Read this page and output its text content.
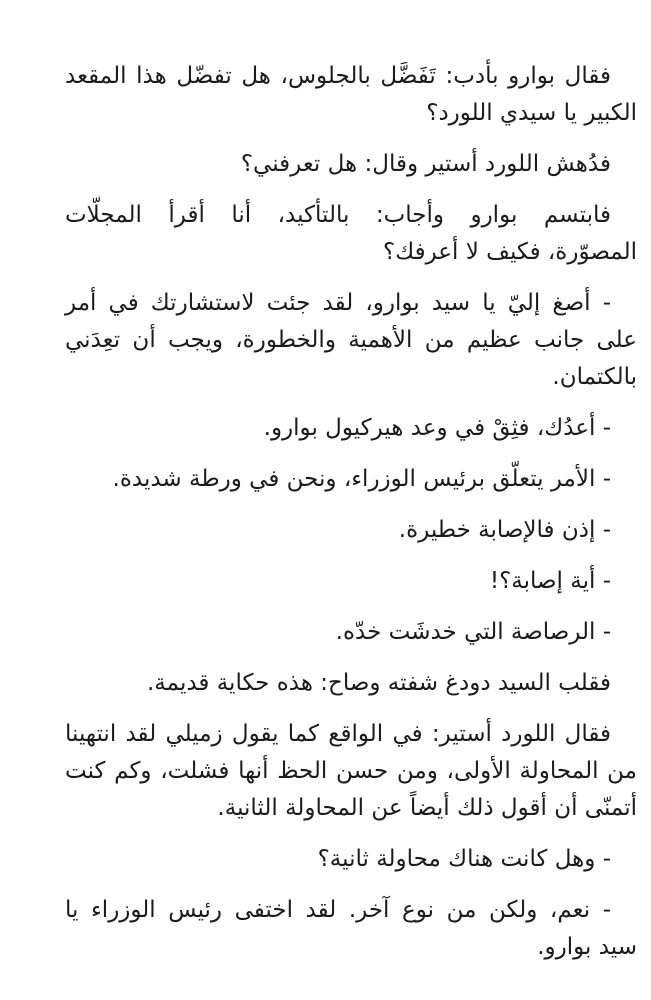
فقال بوارو بأدب: تَفَضَّل بالجلوس، هل تفضّل هذا المقعد
الكبير يا سيدي اللورد؟
فدُهش اللورد أستير وقال: هل تعرفني؟
فابتسم بوارو وأجاب: بالتأكيد، أنا أقرأ المجلّات
المصوّرة، فكيف لا أعرفك؟
- أصغ إليّ يا سيد بوارو، لقد جئت لاستشارتك في أمر
على جانب عظيم من الأهمية والخطورة، ويجب أن تعِدَني
بالكتمان.
- أعدُك، فثِقْ في وعد هيركيول بوارو.
- الأمر يتعلّق برئيس الوزراء، ونحن في ورطة شديدة.
- إذن فالإصابة خطيرة.
- أية إصابة؟!
- الرصاصة التي خدشَت خدّه.
فقلب السيد دودغ شفته وصاح: هذه حكاية قديمة.
فقال اللورد أستير: في الواقع كما يقول زميلي لقد انتهينا
من المحاولة الأولى، ومن حسن الحظ أنها فشلت، وكم كنت
أتمنّى أن أقول ذلك أيضاً عن المحاولة الثانية.
- وهل كانت هناك محاولة ثانية؟
- نعم، ولكن من نوع آخر. لقد اختفى رئيس الوزراء يا
سيد بوارو.
